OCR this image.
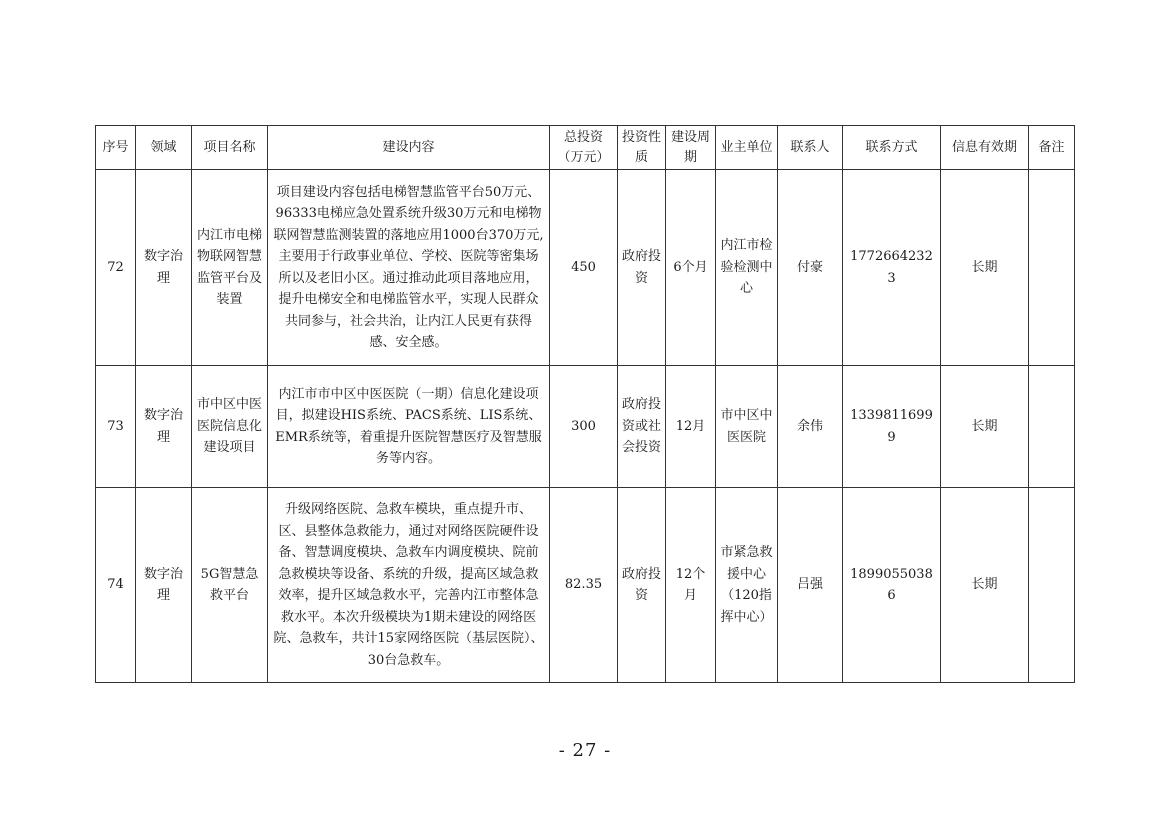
序号	领域	项目名称	建设内容	总投资（万元）	投资性质	建设周期	业主单位	联系人	联系方式	信息有效期	备注
72	数字治理	内江市电梯物联网智慧监管平台及装置	项目建设内容包括电梯智慧监管平台50万元、96333电梯应急处置系统升级30万元和电梯物联网智慧监测装置的落地应用1000台370万元,主要用于行政事业单位、学校、医院等密集场所以及老旧小区。通过推动此项目落地应用，提升电梯安全和电梯监管水平，实现人民群众共同参与，社会共治，让内江人民更有获得感、安全感。	450	政府投资	6个月	内江市检验检测中心	付豪	17726642323	长期	
73	数字治理	市中区中医医院信息化建设项目	内江市市中区中医医院（一期）信息化建设项目，拟建设HIS系统、PACS系统、LIS系统、EMR系统等，着重提升医院智慧医疗及智慧服务等内容。	300	政府投资或社会投资	12月	市中区中医医院	余伟	13398116999	长期	
74	数字治理	5G智慧急救平台	升级网络医院、急救车模块，重点提升市、区、县整体急救能力，通过对网络医院硬件设备、智慧调度模块、急救车内调度模块、院前急救模块等设备、系统的升级，提高区域急救效率，提升区域急救水平，完善内江市整体急救水平。本次升级模块为1期未建设的网络医院、急救车，共计15家网络医院（基层医院）、30台急救车。	82.35	政府投资	12个月	市紧急救援中心（120指挥中心）	吕强	18990550386	长期	
- 27 -
